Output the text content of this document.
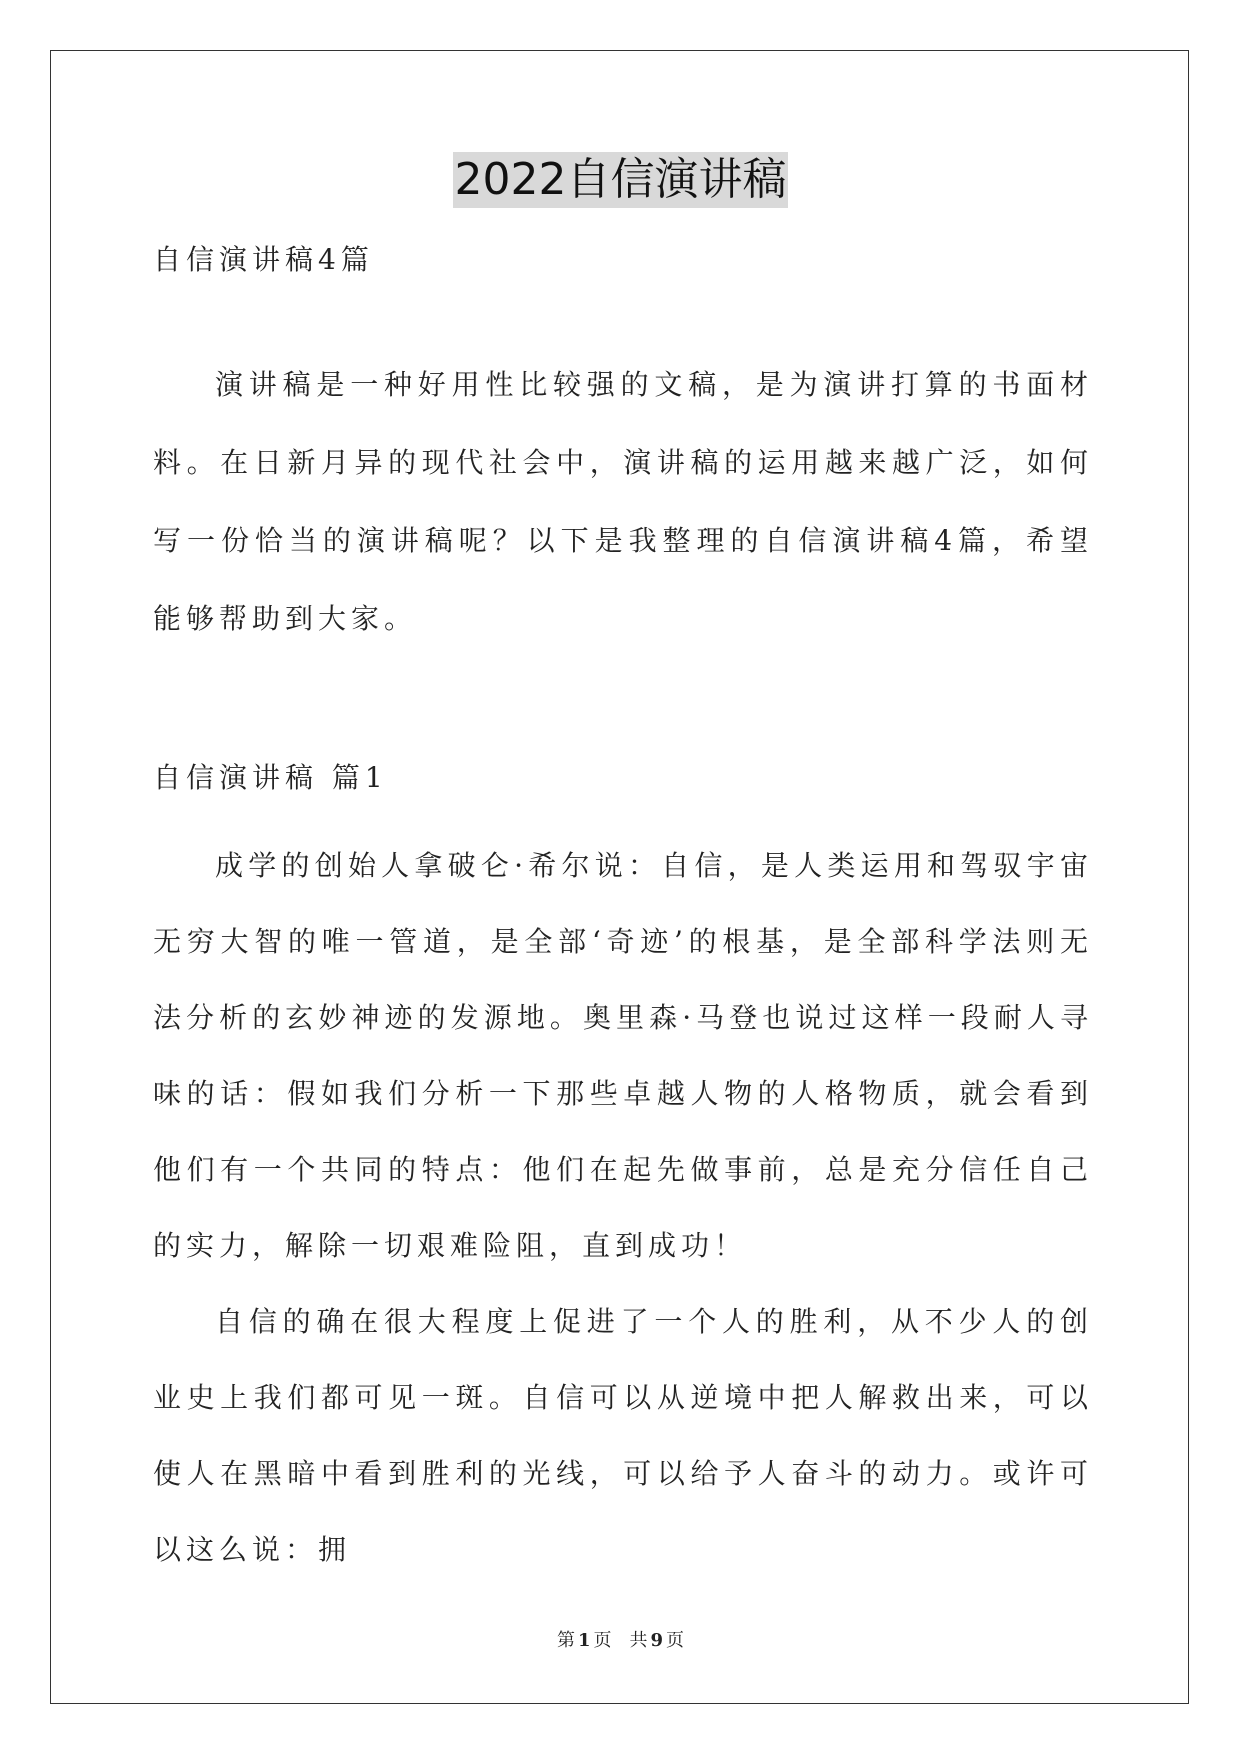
2022自信演讲稿
自信演讲稿4篇

演讲稿是一种好用性比较强的文稿，是为演讲打算的书面材料。在日新月异的现代社会中，演讲稿的运用越来越广泛，如何写一份恰当的演讲稿呢？以下是我整理的自信演讲稿4篇，希望能够帮助到大家。

自信演讲稿 篇1

成学的创始人拿破仑·希尔说：自信，是人类运用和驾驭宇宙无穷大智的唯一管道，是全部‘奇迹’的根基，是全部科学法则无法分析的玄妙神迹的发源地。奥里森·马登也说过这样一段耐人寻味的话：假如我们分析一下那些卓越人物的人格物质，就会看到他们有一个共同的特点：他们在起先做事前，总是充分信任自己的实力，解除一切艰难险阻，直到成功！

自信的确在很大程度上促进了一个人的胜利，从不少人的创业史上我们都可见一斑。自信可以从逆境中把人解救出来，可以使人在黑暗中看到胜利的光线，可以给予人奋斗的动力。或许可以这么说：拥

第 1 页 共 9 页
